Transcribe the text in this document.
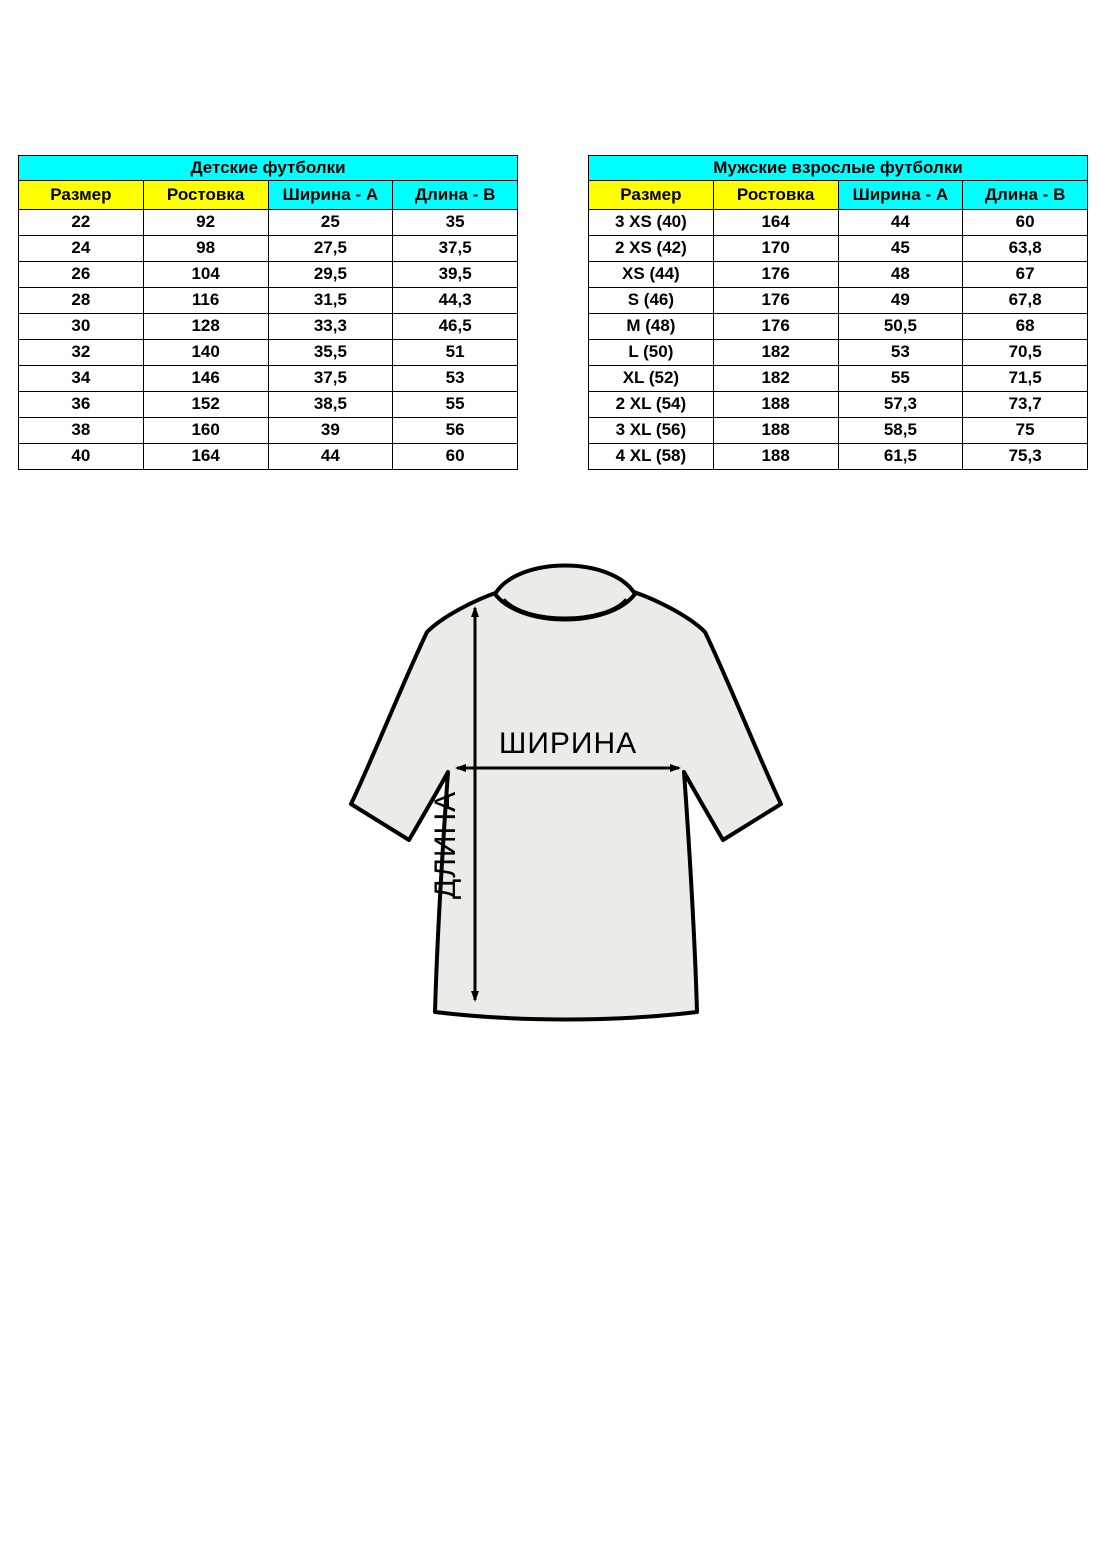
Детские футболки			
Размер	Ростовка	Ширина - А	Длина - В
22	92	25	35
24	98	27,5	37,5
26	104	29,5	39,5
28	116	31,5	44,3
30	128	33,3	46,5
32	140	35,5	51
34	146	37,5	53
36	152	38,5	55
38	160	39	56
40	164	44	60
Мужские взрослые футболки			
Размер	Ростовка	Ширина - А	Длина - В
3 XS (40)	164	44	60
2 XS (42)	170	45	63,8
XS (44)	176	48	67
S (46)	176	49	67,8
M (48)	176	50,5	68
L (50)	182	53	70,5
XL (52)	182	55	71,5
2 XL (54)	188	57,3	73,7
3 XL (56)	188	58,5	75
4 XL (58)	188	61,5	75,3
ШИРИНА
ДЛИНА
